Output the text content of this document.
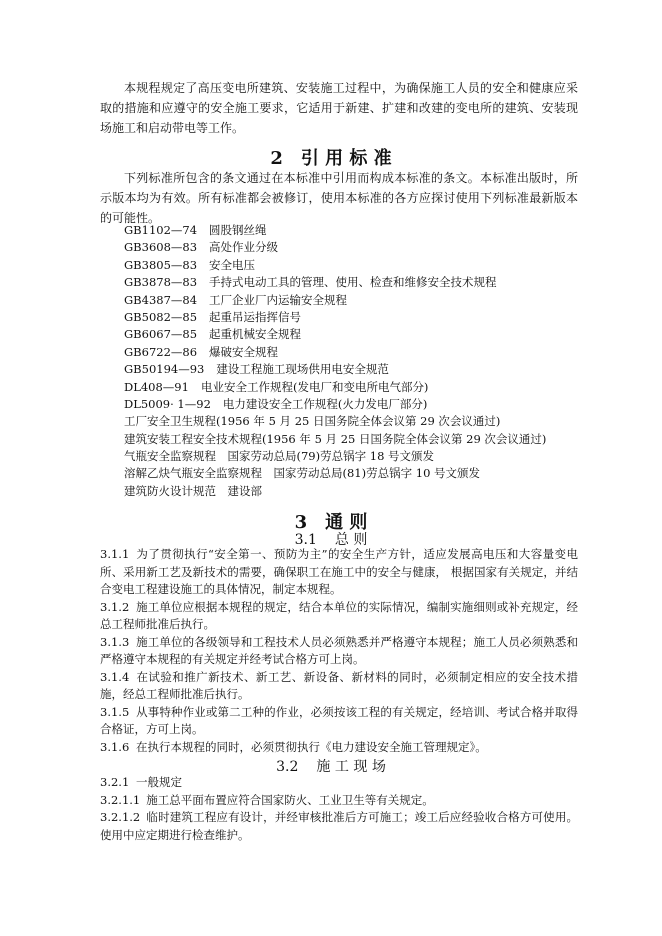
本规程规定了高压变电所建筑、安装施工过程中，为确保施工人员的安全和健康应采取的措施和应遵守的安全施工要求，它适用于新建、扩建和改建的变电所的建筑、安装现场施工和启动带电等工作。

2 引 用 标 准

下列标准所包含的条文通过在本标准中引用而构成本标准的条文。本标准出版时，所示版本均为有效。所有标准都会被修订，使用本标准的各方应探讨使用下列标准最新版本的可能性。

GB1102—74 圆股钢丝绳
GB3608—83 高处作业分级
GB3805—83 安全电压
GB3878—83 手持式电动工具的管理、使用、检查和维修安全技术规程
GB4387—84 工厂企业厂内运输安全规程
GB5082—85 起重吊运指挥信号
GB6067—85 起重机械安全规程
GB6722—86 爆破安全规程
GB50194—93 建设工程施工现场供用电安全规范
DL408—91 电业安全工作规程(发电厂和变电所电气部分)
DL5009· 1—92 电力建设安全工作规程(火力发电厂部分)
工厂安全卫生规程(1956 年 5 月 25 日国务院全体会议第 29 次会议通过)
建筑安装工程安全技术规程(1956 年 5 月 25 日国务院全体会议第 29 次会议通过)
气瓶安全监察规程　国家劳动总局(79)劳总锅字 18 号文颁发
溶解乙炔气瓶安全监察规程　国家劳动总局(81)劳总锅字 10 号文颁发
建筑防火设计规范　建设部
3 通 则
3.1 总 则

3.1.1 为了贯彻执行“安全第一、预防为主”的安全生产方针，适应发展高电压和大容量变电所、采用新工艺及新技术的需要，确保职工在施工中的安全与健康， 根据国家有关规定，并结合变电工程建设施工的具体情况，制定本规程。

3.1.2 施工单位应根据本规程的规定，结合本单位的实际情况，编制实施细则或补充规定，经总工程师批准后执行。

3.1.3 施工单位的各级领导和工程技术人员必须熟悉并严格遵守本规程；施工人员必须熟悉和严格遵守本规程的有关规定并经考试合格方可上岗。

3.1.4 在试验和推广新技术、新工艺、新设备、新材料的同时，必须制定相应的安全技术措施，经总工程师批准后执行。

3.1.5 从事特种作业或第二工种的作业，必须按该工程的有关规定，经培训、考试合格并取得合格证，方可上岗。

3.1.6 在执行本规程的同时，必须贯彻执行《电力建设安全施工管理规定》。

3.2 施 工 现 场

3.2.1 一般规定

3.2.1.1 施工总平面布置应符合国家防火、工业卫生等有关规定。

3.2.1.2 临时建筑工程应有设计，并经审核批准后方可施工；竣工后应经验收合格方可使用。使用中应定期进行检查维护。
